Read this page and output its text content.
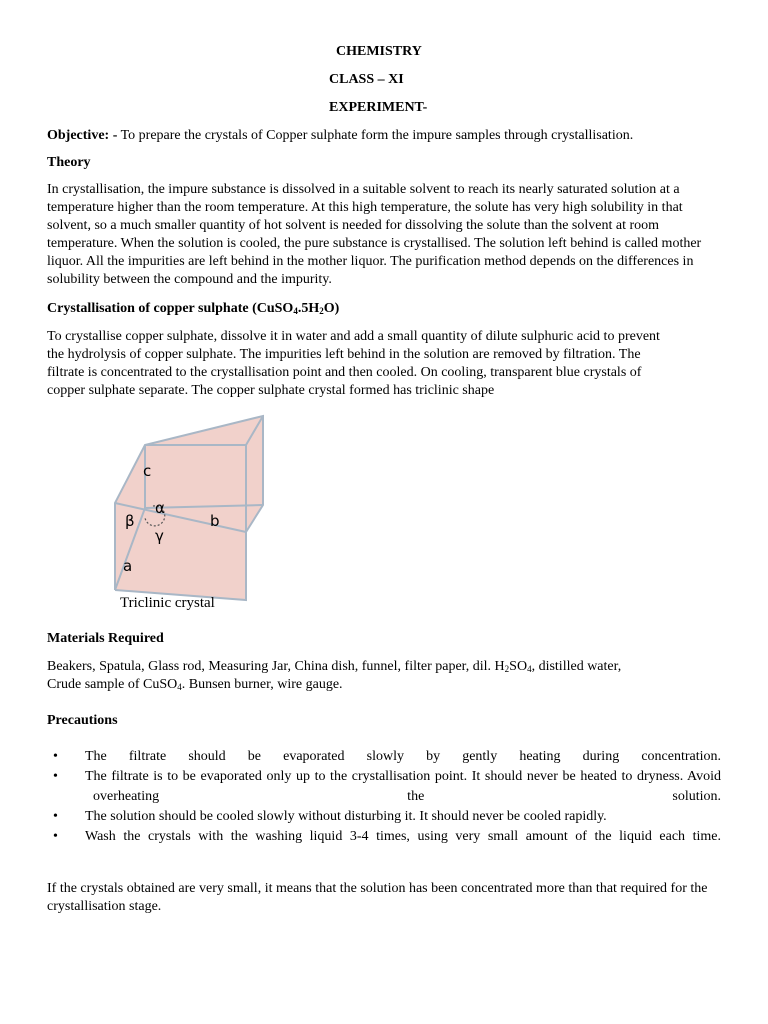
CHEMISTRY
CLASS – XI
EXPERIMENT-
Objective: - To prepare the crystals of Copper sulphate form the impure samples through crystallisation.
Theory
In crystallisation, the impure substance is dissolved in a suitable solvent to reach its nearly saturated solution at a temperature higher than the room temperature. At this high temperature, the solute has very high solubility in that solvent, so a much smaller quantity of hot solvent is needed for dissolving the solute than the solvent at room temperature. When the solution is cooled, the pure substance is crystallised. The solution left behind is called mother liquor. All the impurities are left behind in the mother liquor. The purification method depends on the differences in solubility between the compound and the impurity.
Crystallisation of copper sulphate $(CuSO_4.5H_2O)$
To crystallise copper sulphate, dissolve it in water and add a small quantity of dilute sulphuric acid to prevent the hydrolysis of copper sulphate. The impurities left behind in the solution are removed by filtration. The filtrate is concentrated to the crystallisation point and then cooled. On cooling, transparent blue crystals of copper sulphate separate. The copper sulphate crystal formed has triclinic shape
Materials Required
Beakers, Spatula, Glass rod, Measuring Jar, China dish, funnel, filter paper, dil. $H_2SO_4$, distilled water,
Crude sample of CuSO$_4$. Bunsen burner, wire gauge.
Precautions
•	The filtrate should be evaporated slowly by gently heating during concentration.
•	The filtrate is to be evaporated only up to the crystallisation point. It should never be heated to dryness. Avoid overheating the solution.
•	The solution should be cooled slowly without disturbing it. It should never be cooled rapidly.
•	Wash the crystals with the washing liquid 3-4 times, using very small amount of the liquid each time.
If the crystals obtained are very small, it means that the solution has been concentrated more than that required for the crystallisation stage.
c
α
β	b
γ
a
Triclinic crystal
